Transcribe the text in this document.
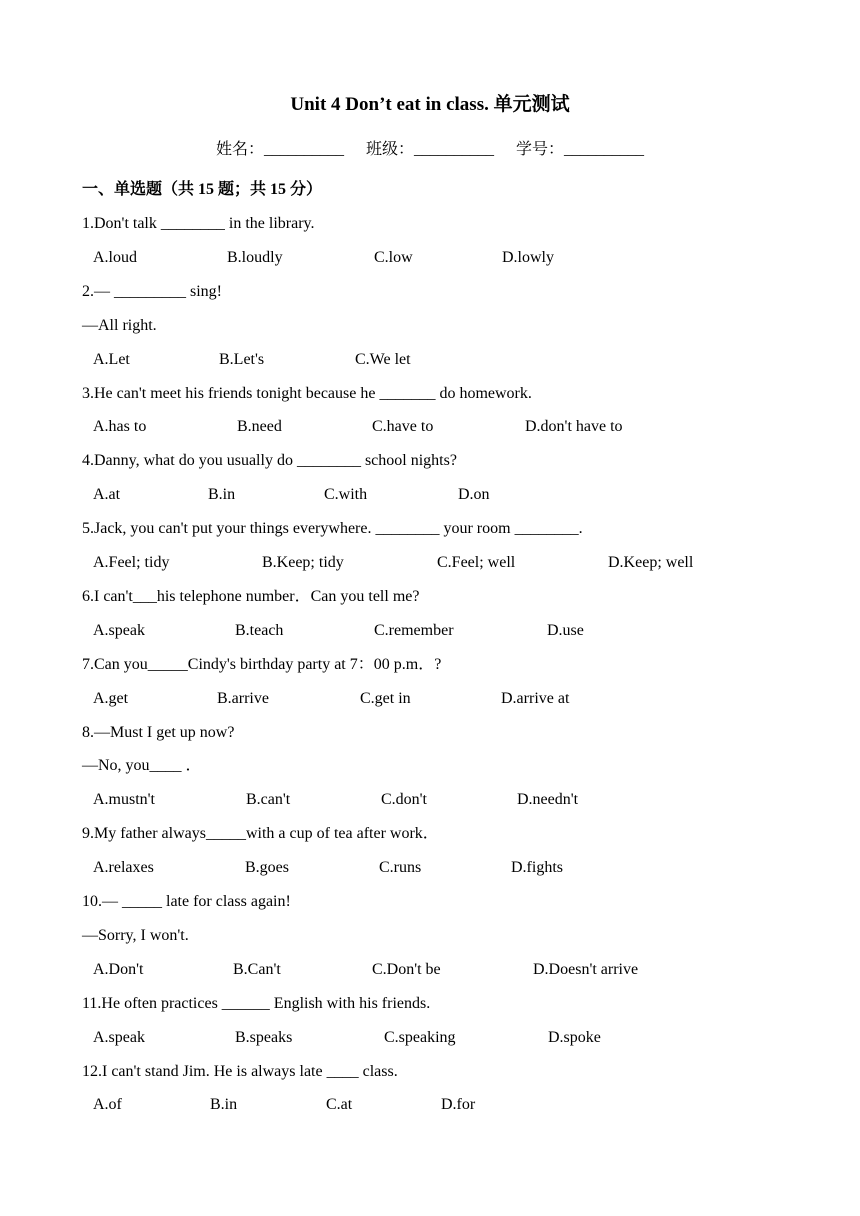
Unit 4 Don’t eat in class. 单元测试
姓名：__________ 班级：__________ 学号：__________
一、单选题（共 15 题；共 15 分）
1.Don't talk ________ in the library.
A.loud	B.loudly	C.low	D.lowly
2.— _________ sing!
—All right.
A.Let	B.Let's	C.We let
3.He can't meet his friends tonight because he _______ do homework.
A.has to	B.need	C.have to	D.don't have to
4.Danny, what do you usually do ________ school nights?
A.at	B.in	C.with	D.on
5.Jack, you can't put your things everywhere. ________ your room ________.
A.Feel; tidy	B.Keep; tidy	C.Feel; well	D.Keep; well
6.I can't___his telephone number．Can you tell me?
A.speak	B.teach	C.remember	D.use
7.Can you_____Cindy's birthday party at 7：00 p.m．?
A.get	B.arrive	C.get in	D.arrive at
8.—Must I get up now?
—No, you____ ．
A.mustn't	B.can't	C.don't	D.needn't
9.My father always_____with a cup of tea after work．
A.relaxes	B.goes	C.runs	D.fights
10.— _____ late for class again!
—Sorry, I won't.
A.Don't	B.Can't	C.Don't be	D.Doesn't arrive
11.He often practices ______ English with his friends.
A.speak	B.speaks	C.speaking	D.spoke
12.I can't stand Jim. He is always late ____ class.
A.of	B.in	C.at	D.for
